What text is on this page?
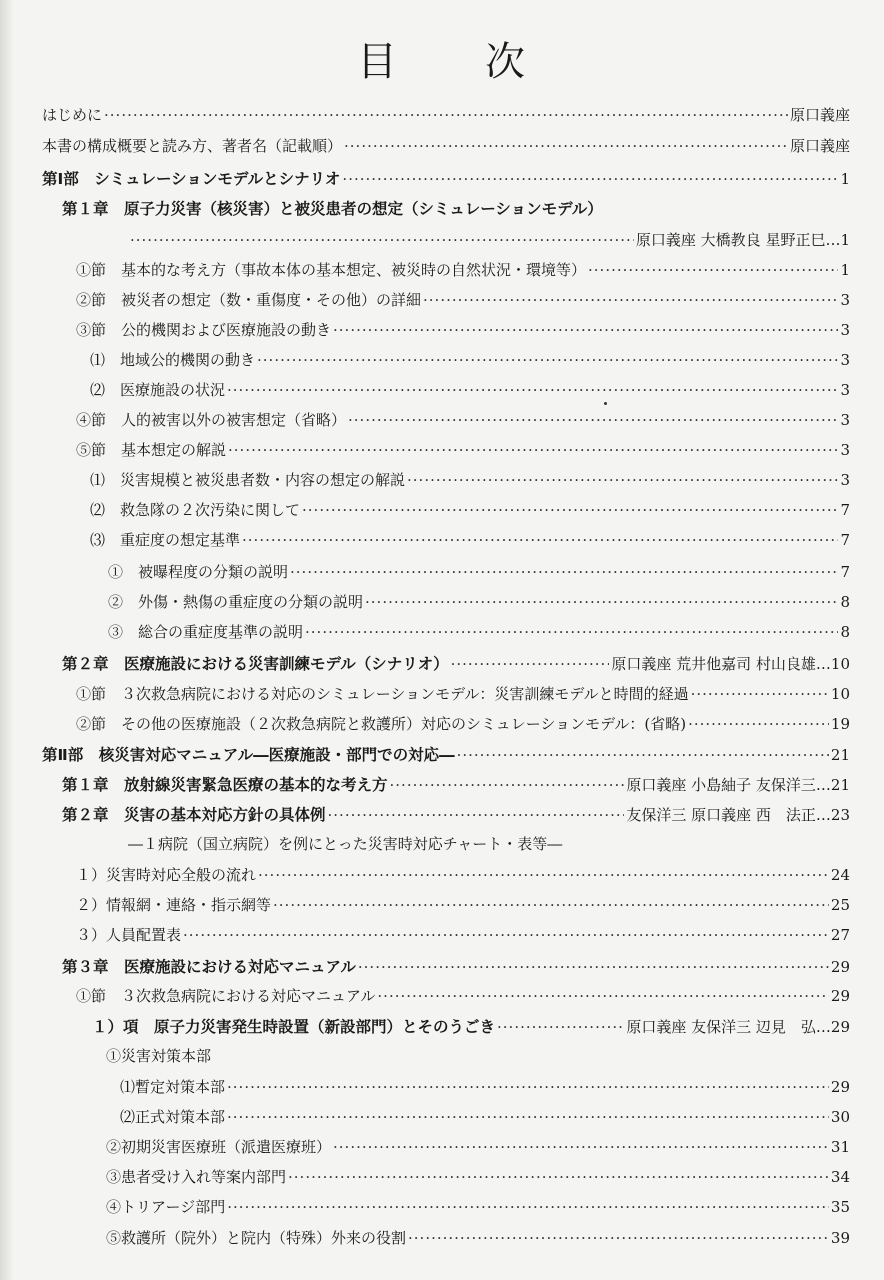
目 次
はじめに ·····	原口義座
本書の構成概要と読み方、著者名（記載順） ·····	原口義座
第Ⅰ部　シミュレーションモデルとシナリオ ·····	1
第１章　原子力災害（核災害）と被災患者の想定（シミュレーションモデル）
·····
原口義座 大橋教良 星野正巳…1
①節　基本的な考え方（事故本体の基本想定、被災時の自然状況・環境等） ·····	1
②節　被災者の想定（数・重傷度・その他）の詳細 ·····	3
③節　公的機関および医療施設の動き ·····	3
⑴　地域公的機関の動き ·····	3
⑵　医療施設の状況 ·····	3
④節　人的被害以外の被害想定（省略） ·····	3
⑤節　基本想定の解説 ·····	3
⑴　災害規模と被災患者数・内容の想定の解説 ·····	3
⑵　救急隊の２次汚染に関して ·····	7
⑶　重症度の想定基準 ·····	7
①　被曝程度の分類の説明 ·····	7
②　外傷・熱傷の重症度の分類の説明 ·····	8
③　総合の重症度基準の説明 ·····	8
第２章　医療施設における災害訓練モデル（シナリオ） ·····	原口義座 荒井他嘉司 村山良雄…10
①節　３次救急病院における対応のシミュレーションモデル：災害訓練モデルと時間的経過 ·····	10
②節　その他の医療施設（２次救急病院と救護所）対応のシミュレーションモデル：(省略) ·····	19
第Ⅱ部　核災害対応マニュアル―医療施設・部門での対応― ·····	21
第１章　放射線災害緊急医療の基本的な考え方 ·····	原口義座 小島紬子 友保洋三…21
第２章　災害の基本対応方針の具体例 ·····	友保洋三 原口義座 西　法正…23
―１病院（国立病院）を例にとった災害時対応チャート・表等―
１）災害時対応全般の流れ ·····	24
２）情報網・連絡・指示網等 ·····	25
３）人員配置表 ·····	27
第３章　医療施設における対応マニュアル ·····	29
①節　３次救急病院における対応マニュアル ·····	29
１）項　原子力災害発生時設置（新設部門）とそのうごき ·····	原口義座 友保洋三 辺見　弘…29
①災害対策本部
⑴暫定対策本部 ·····	29
⑵正式対策本部 ·····	30
②初期災害医療班（派遣医療班） ·····	31
③患者受け入れ等案内部門 ·····	34
④トリアージ部門 ·····	35
⑤救護所（院外）と院内（特殊）外来の役割 ·····	39
